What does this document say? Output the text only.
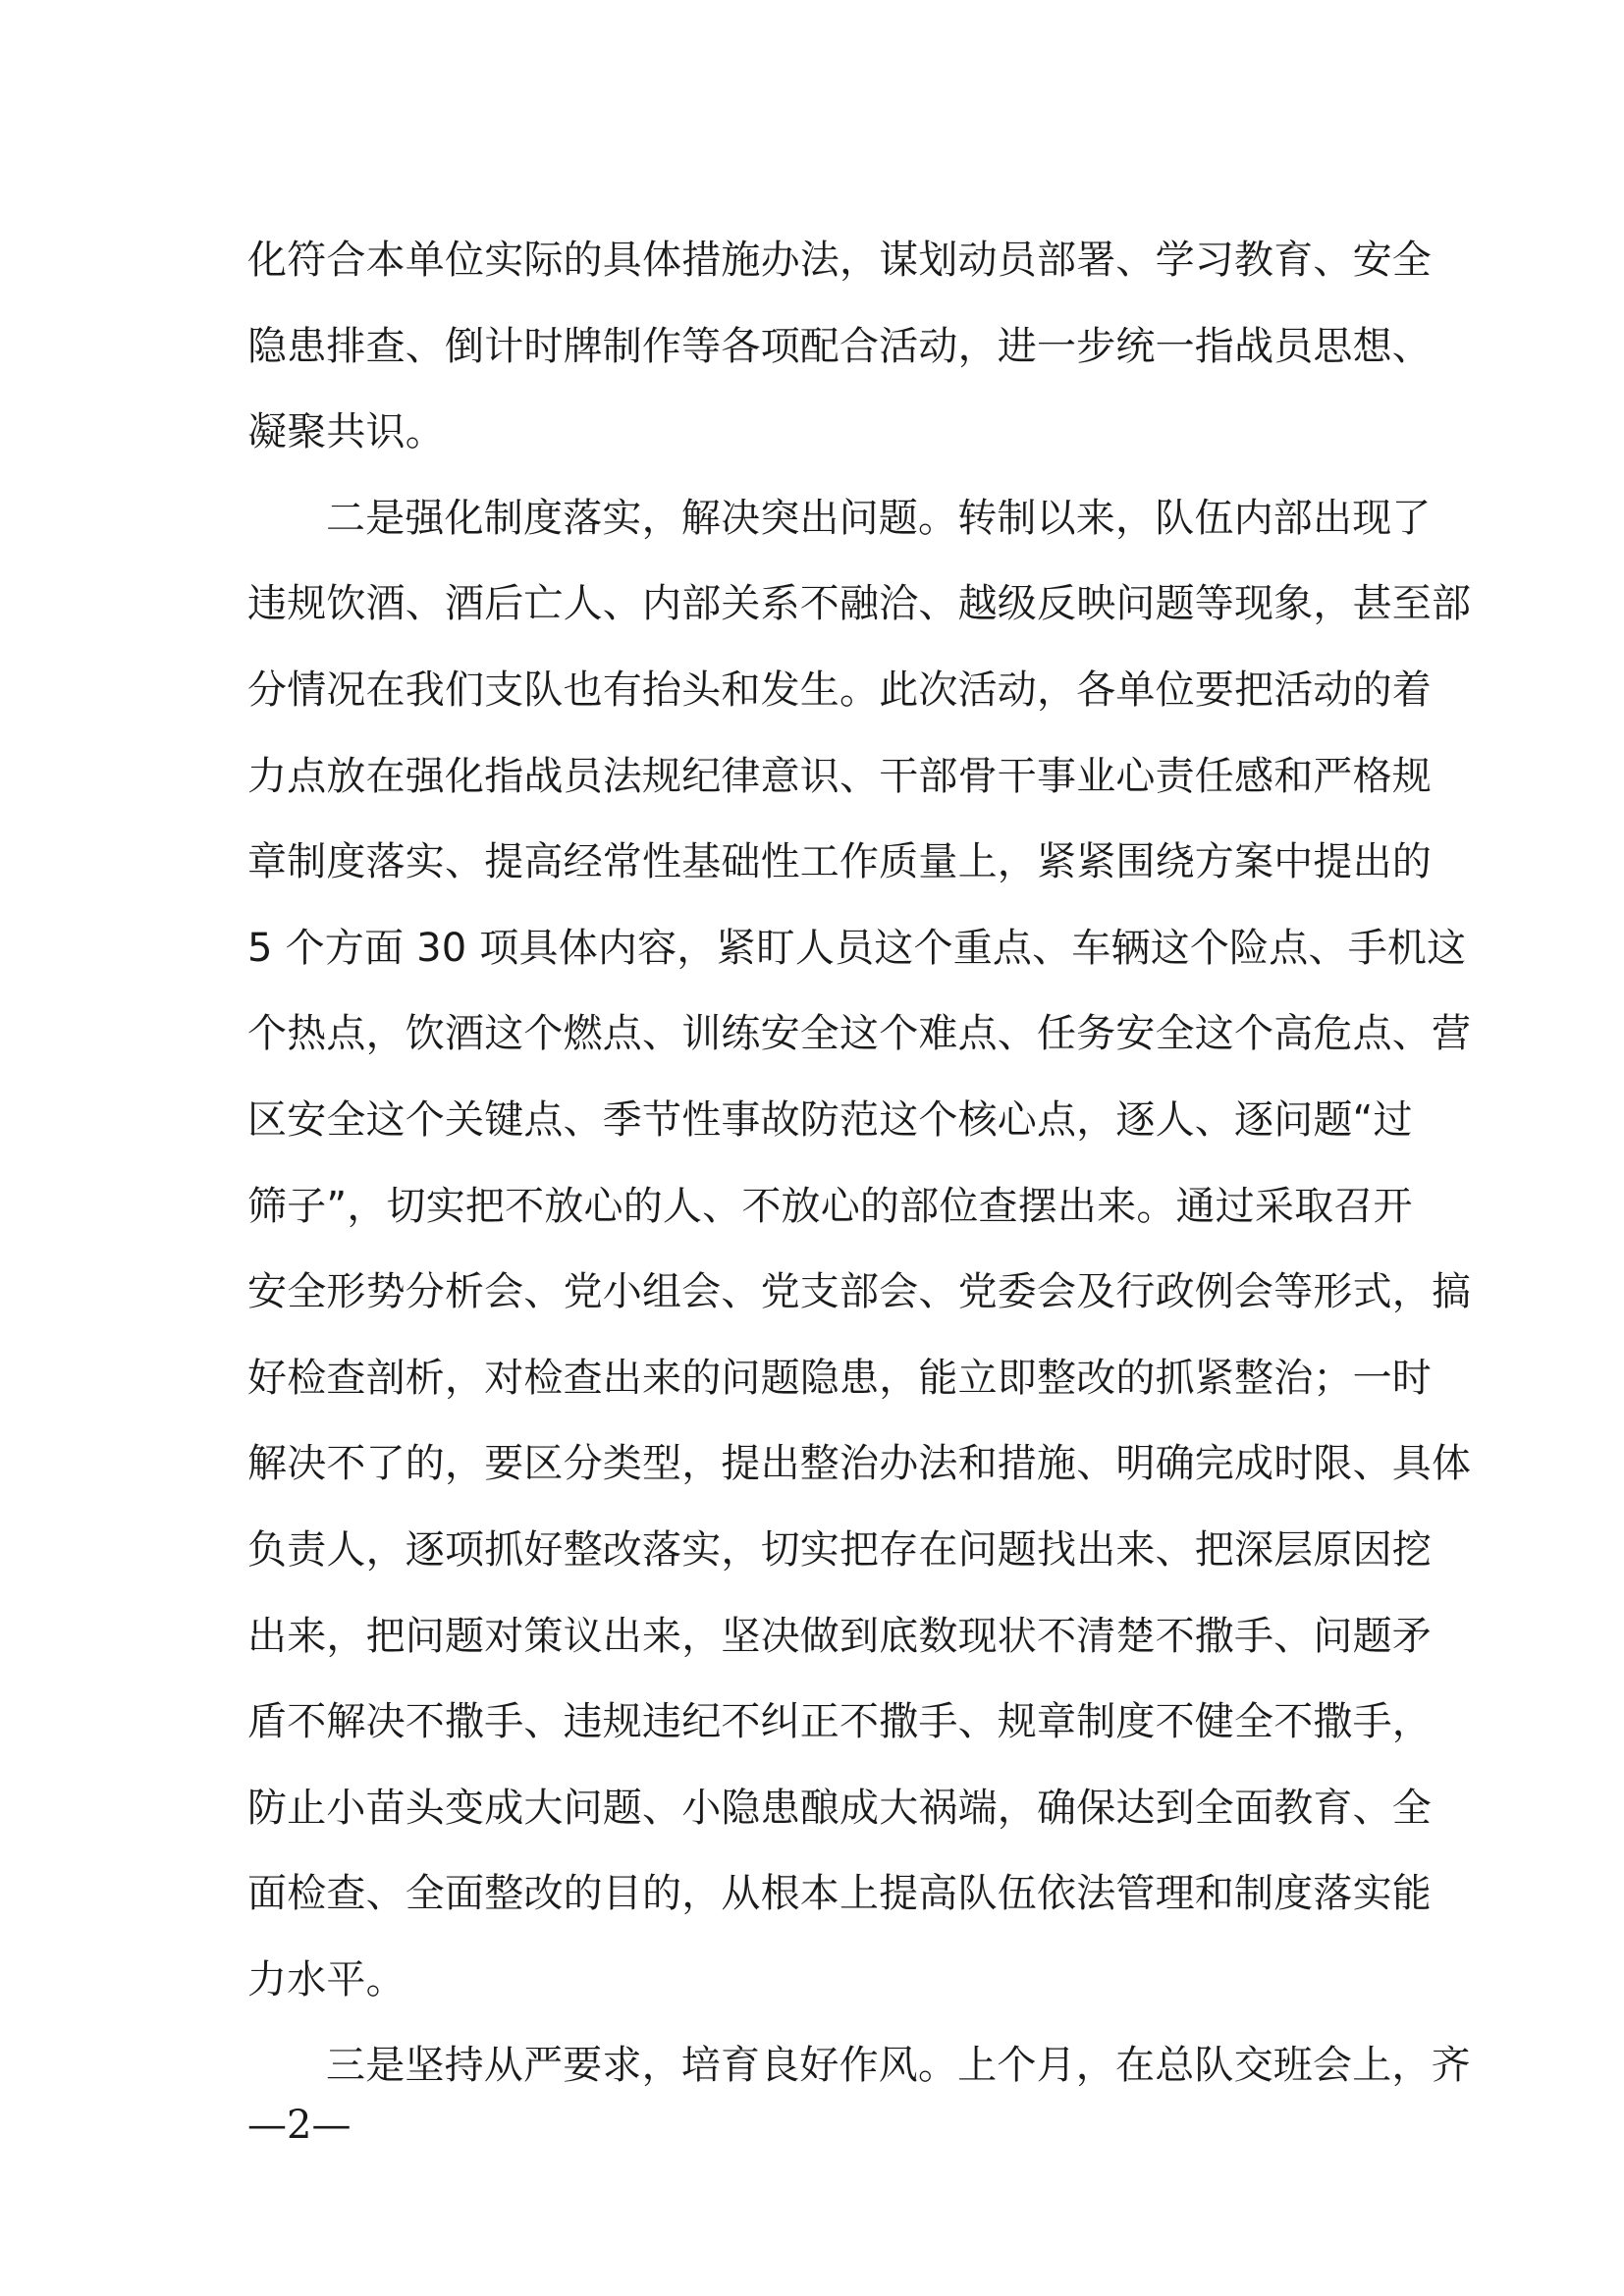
化符合本单位实际的具体措施办法，谋划动员部署、学习教育、安全
隐患排查、倒计时牌制作等各项配合活动，进一步统一指战员思想、
凝聚共识。
二是强化制度落实，解决突出问题。转制以来，队伍内部出现了
违规饮酒、酒后亡人、内部关系不融洽、越级反映问题等现象，甚至部
分情况在我们支队也有抬头和发生。此次活动，各单位要把活动的着
力点放在强化指战员法规纪律意识、干部骨干事业心责任感和严格规
章制度落实、提高经常性基础性工作质量上，紧紧围绕方案中提出的
5 个方面 30 项具体内容，紧盯人员这个重点、车辆这个险点、手机这
个热点，饮酒这个燃点、训练安全这个难点、任务安全这个高危点、营
区安全这个关键点、季节性事故防范这个核心点，逐人、逐问题“过
筛子”，切实把不放心的人、不放心的部位查摆出来。通过采取召开
安全形势分析会、党小组会、党支部会、党委会及行政例会等形式，搞
好检查剖析，对检查出来的问题隐患，能立即整改的抓紧整治；一时
解决不了的，要区分类型，提出整治办法和措施、明确完成时限、具体
负责人，逐项抓好整改落实，切实把存在问题找出来、把深层原因挖
出来，把问题对策议出来，坚决做到底数现状不清楚不撒手、问题矛
盾不解决不撒手、违规违纪不纠正不撒手、规章制度不健全不撒手，
防止小苗头变成大问题、小隐患酿成大祸端，确保达到全面教育、全
面检查、全面整改的目的，从根本上提高队伍依法管理和制度落实能
力水平。
三是坚持从严要求，培育良好作风。上个月，在总队交班会上，齐
—2—
